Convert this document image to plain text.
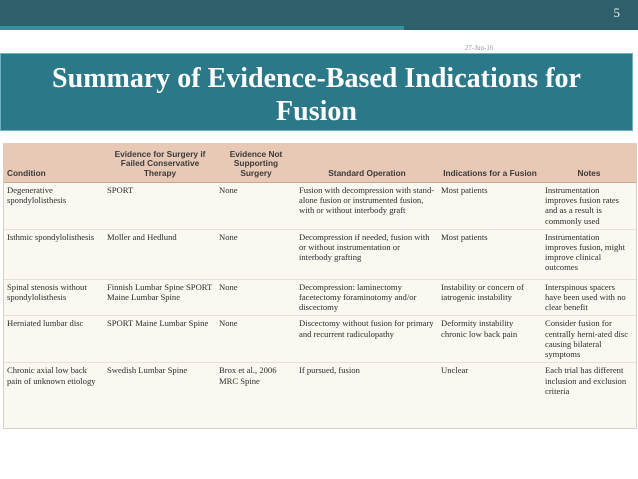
5
27-Jun-16
Summary of Evidence-Based Indications for
Fusion
Condition	Evidence for Surgery if Failed Conservative Therapy	Evidence Not Supporting Surgery	Standard Operation	Indications for a Fusion	Notes
Degenerative spondylolisthesis	SPORT	None	Fusion with decompression with stand-alone fusion or instrumented fusion, with or without interbody graft	Most patients	Instrumentation improves fusion rates and as a result is commonly used
Isthmic spondylolisthesis	Moller and Hedlund	None	Decompression if needed, fusion with or without instrumentation or interbody grafting	Most patients	Instrumentation improves fusion, might improve clinical outcomes
Spinal stenosis without spondylolisthesis	Finnish Lumbar Spine SPORT Maine Lumbar Spine	None	Decompression: laminectomy facetectomy foraminotomy and/or discectomy	Instability or concern of iatrogenic instability	Interspinous spacers have been used with no clear benefit
Herniated lumbar disc	SPORT Maine Lumbar Spine	None	Discectomy without fusion for primary and recurrent radiculopathy	Deformity instability chronic low back pain	Consider fusion for centrally herni-ated disc causing bilateral symptoms
Chronic axial low back pain of unknown etiology	Swedish Lumbar Spine	Brox et al., 2006 MRC Spine	If pursued, fusion	Unclear	Each trial has different inclusion and exclusion criteria
